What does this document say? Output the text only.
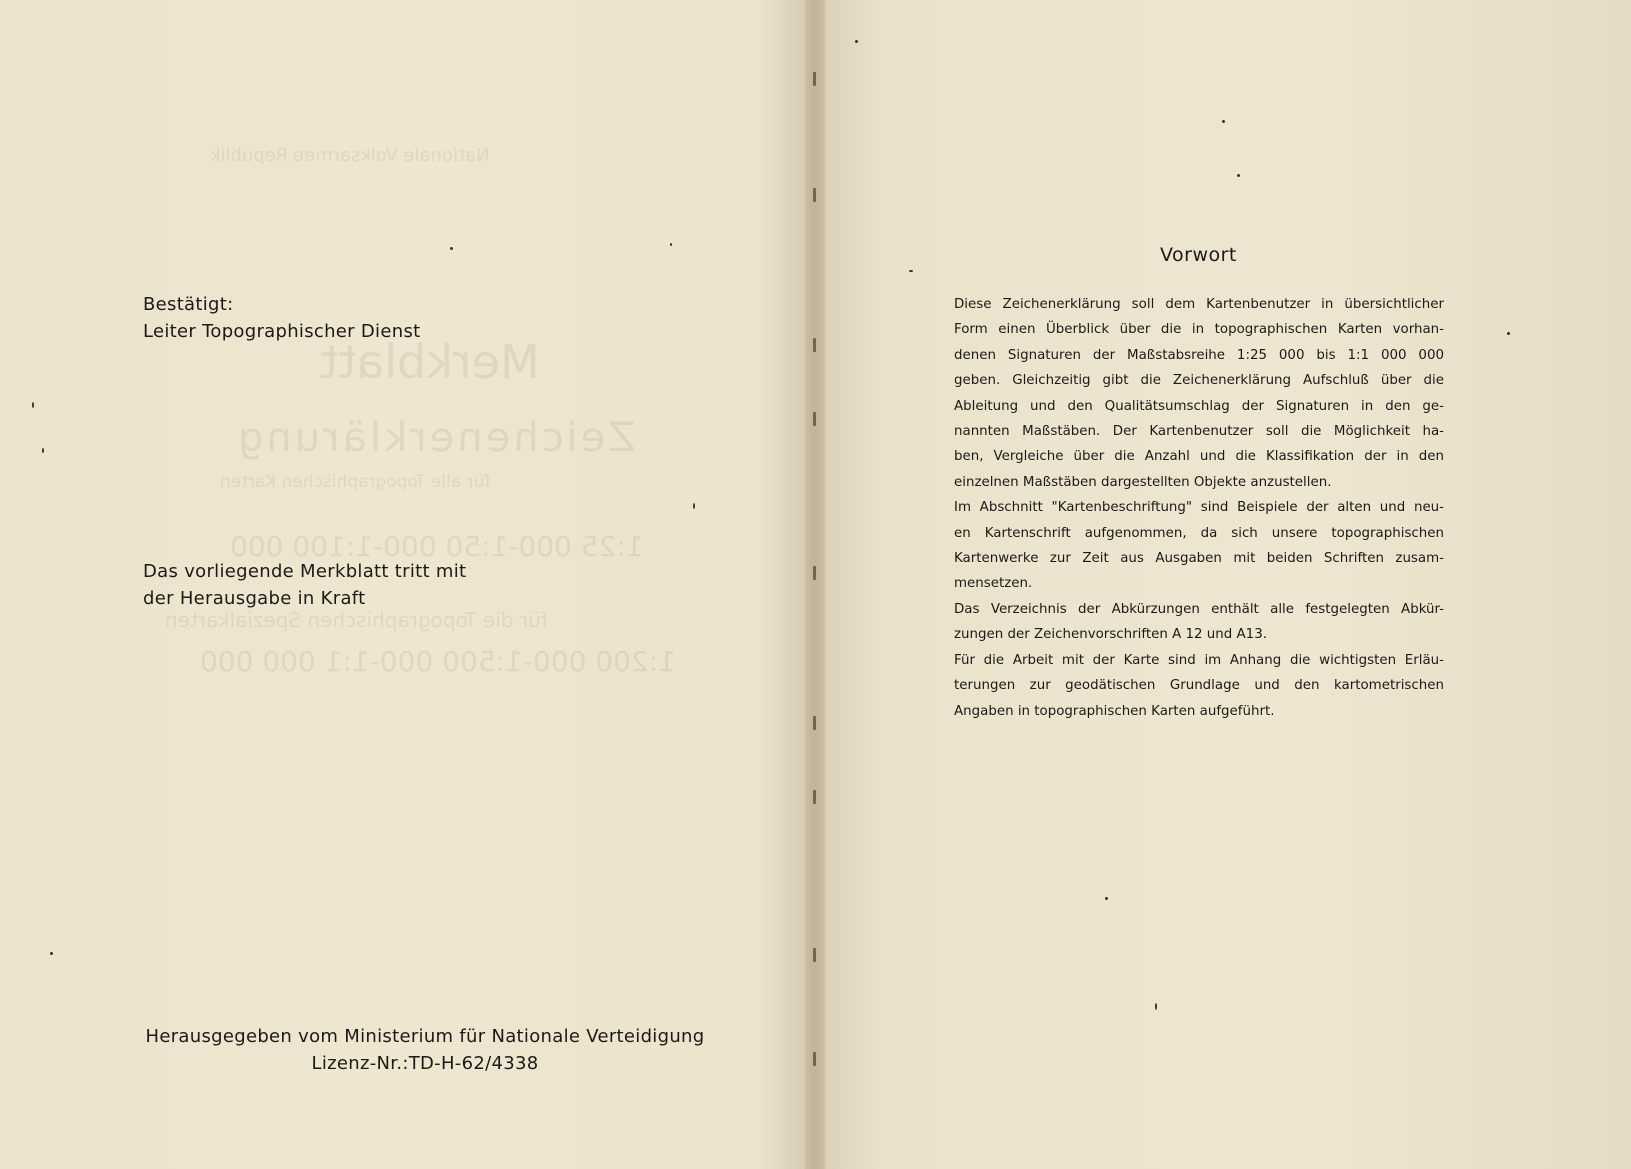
Merkblatt
Zeichenerklärung
für alle Topographischen Karten
1:25 000-1:50 000-1:100 000
für die Topographischen Spezialkarten
1:200 000-1:500 000-1:1 000 000
Nationale Volksarmee Republik
Bestätigt:
Leiter Topographischer Dienst
Das vorliegende Merkblatt tritt mit
der Herausgabe in Kraft
Herausgegeben vom Ministerium für Nationale Verteidigung
Lizenz-Nr.:TD-H-62/4338
Vorwort

Diese Zeichenerklärung soll dem Kartenbenutzer in übersichtlicher
Form einen Überblick über die in topographischen Karten vorhan-
denen Signaturen der Maßstabsreihe 1:25 000 bis 1:1 000 000
geben. Gleichzeitig gibt die Zeichenerklärung Aufschluß über die
Ableitung und den Qualitätsumschlag der Signaturen in den ge-
nannten Maßstäben. Der Kartenbenutzer soll die Möglichkeit ha-
ben, Vergleiche über die Anzahl und die Klassifikation der in den
einzelnen Maßstäben dargestellten Objekte anzustellen.

Im Abschnitt "Kartenbeschriftung" sind Beispiele der alten und neu-
en Kartenschrift aufgenommen, da sich unsere topographischen
Kartenwerke zur Zeit aus Ausgaben mit beiden Schriften zusam-
mensetzen.

Das Verzeichnis der Abkürzungen enthält alle festgelegten Abkür-
zungen der Zeichenvorschriften A 12 und A13.

Für die Arbeit mit der Karte sind im Anhang die wichtigsten Erläu-
terungen zur geodätischen Grundlage und den kartometrischen
Angaben in topographischen Karten aufgeführt.
